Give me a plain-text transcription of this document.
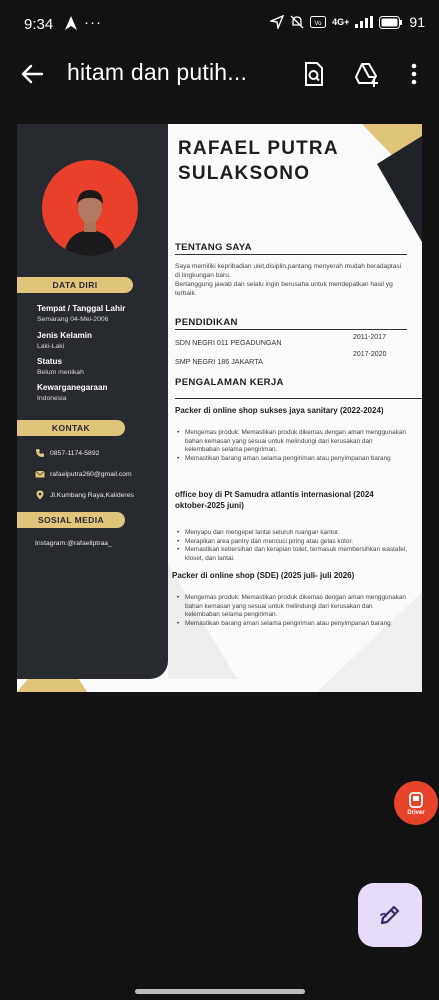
9:34 ···	Vo 4G+	91
hitam dan putih...
DATA DIRI
Tempat / Tanggal Lahir
Semarang 04-Mei-2006
Jenis Kelamin
Laki-Laki
Status
Belum menikah
Kewarganegaraan
Indonesia
KONTAK
0857-1174-5892
rafaelputra260@gmail.com
Jl.Kumbang Raya,Kalideres
SOSIAL MEDIA
Instagram:@rafaellptraa_
RAFAEL PUTRA
SULAKSONO
TENTANG SAYA
Saya memiliki kepribadian ulet,disiplin,pantang menyerah mudah beradaptasi di lingkungan baru.
Bertanggung jawab dan selalu ingin berusaha untuk mendepatkan hasil yg terbaik.
PENDIDIKAN
SDN NEGRI 011 PEGADUNGAN
2011-2017
SMP NEGRI 186 JAKARTA
2017-2020
PENGALAMAN KERJA
Packer di online shop sukses jaya sanitary (2022-2024)
• Mengemas produk: Memastikan produk dikemas dengan aman menggunakan bahan kemasan yang sesuai untuk melindungi dari kerusakan dan kelembaban selama pengiriman.
• Memastikan barang aman selama pengiriman atau penyimpanan barang
office boy di Pt Samudra atlantis internasional (2024 oktober-2025 juni)
• Menyapu dan mengepel lantai seluruh ruangan kantor.
• Merapikan area pantry dan mencuci piring atau gelas kotor.
• Memastikan kebersihan dan kerapian toilet, termasuk membersihkan wastafel, kloset, dan lantai.
Packer di online shop (SDE) (2025 juli- juli 2026)
• Mengemas produk: Memastikan produk dikemas dengan aman menggunakan bahan kemasan yang sesuai untuk melindungi dari kerusakan dan kelembaban selama pengiriman.
• Memastikan barang aman selama pengiriman atau penyimpanan barang
Driver
